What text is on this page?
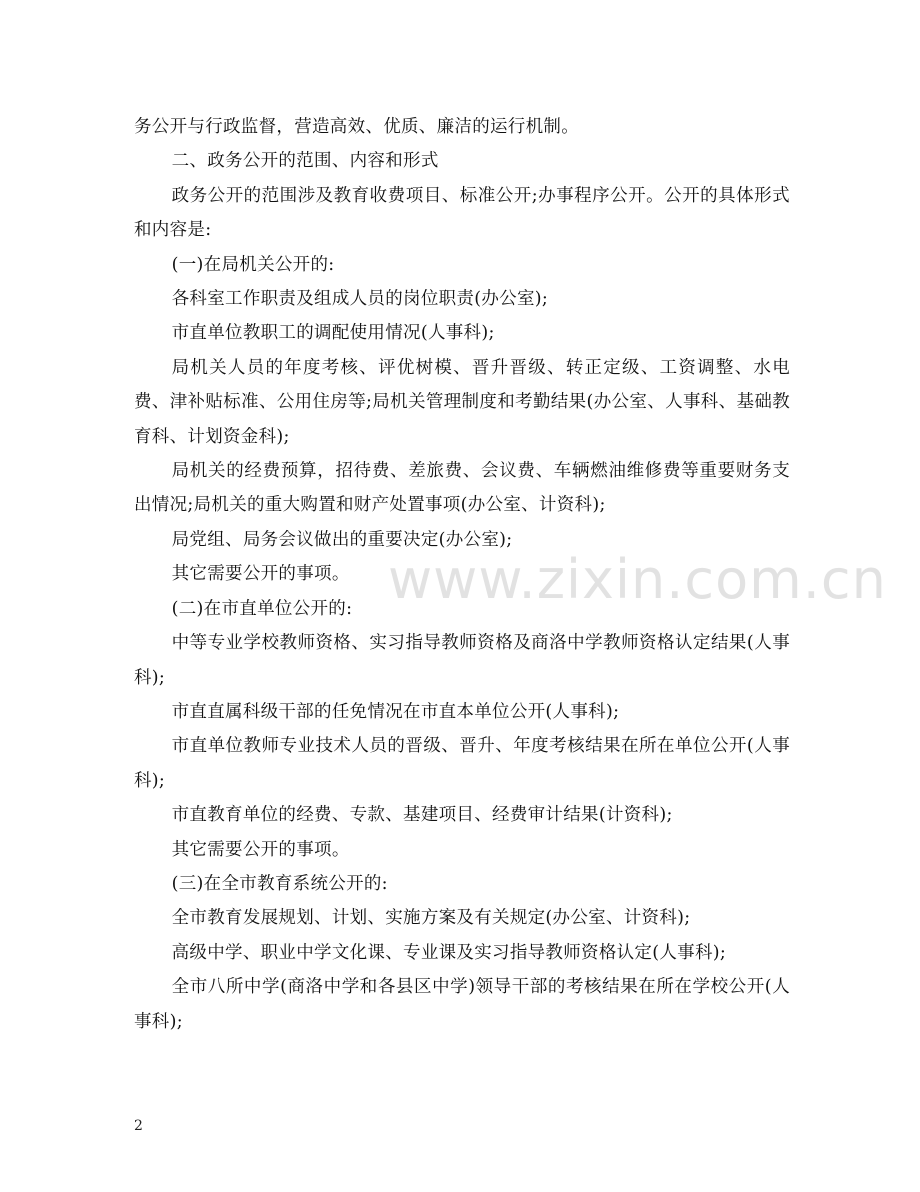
务公开与行政监督，营造高效、优质、廉洁的运行机制。

二、政务公开的范围、内容和形式

政务公开的范围涉及教育收费项目、标准公开;办事程序公开。公开的具体形式和内容是:

(一)在局机关公开的:

各科室工作职责及组成人员的岗位职责(办公室);

市直单位教职工的调配使用情况(人事科);

局机关人员的年度考核、评优树模、晋升晋级、转正定级、工资调整、水电费、津补贴标准、公用住房等;局机关管理制度和考勤结果(办公室、人事科、基础教育科、计划资金科);

局机关的经费预算，招待费、差旅费、会议费、车辆燃油维修费等重要财务支出情况;局机关的重大购置和财产处置事项(办公室、计资科);

局党组、局务会议做出的重要决定(办公室);

其它需要公开的事项。

(二)在市直单位公开的:

中等专业学校教师资格、实习指导教师资格及商洛中学教师资格认定结果(人事科);

市直直属科级干部的任免情况在市直本单位公开(人事科);

市直单位教师专业技术人员的晋级、晋升、年度考核结果在所在单位公开(人事科);

市直教育单位的经费、专款、基建项目、经费审计结果(计资科);

其它需要公开的事项。

(三)在全市教育系统公开的:

全市教育发展规划、计划、实施方案及有关规定(办公室、计资科);

高级中学、职业中学文化课、专业课及实习指导教师资格认定(人事科);

全市八所中学(商洛中学和各县区中学)领导干部的考核结果在所在学校公开(人事科);

www.zixin.com.cn
2
